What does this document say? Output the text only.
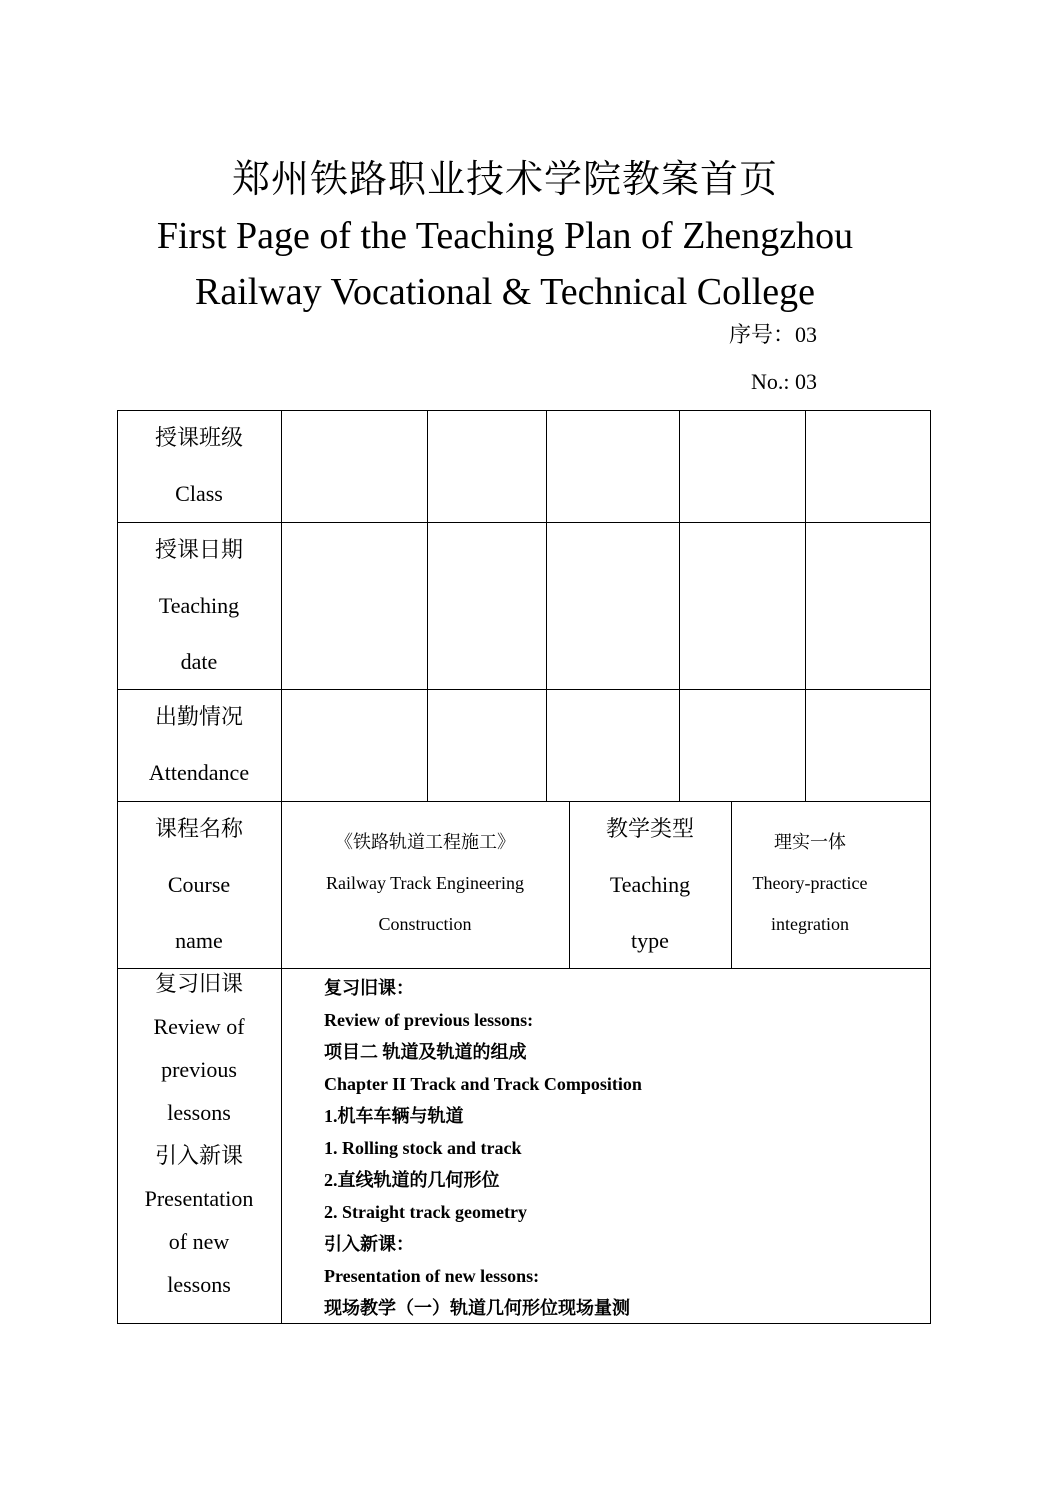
郑州铁路职业技术学院教案首页
First Page of the Teaching Plan of Zhengzhou
Railway Vocational & Technical College
序号：03
No.: 03
授课班级
Class
授课日期
Teaching
date
出勤情况
Attendance
课程名称
Course
name
《铁路轨道工程施工》
Railway Track Engineering
Construction
教学类型
Teaching
type
理实一体
Theory-practice
integration
复习旧课
Review of
previous
lessons
引入新课
Presentation
of new
lessons
复习旧课：
Review of previous lessons:
项目二 轨道及轨道的组成
Chapter II Track and Track Composition
1.机车车辆与轨道
1. Rolling stock and track
2.直线轨道的几何形位
2. Straight track geometry
引入新课：
Presentation of new lessons:
现场教学（一）轨道几何形位现场量测
